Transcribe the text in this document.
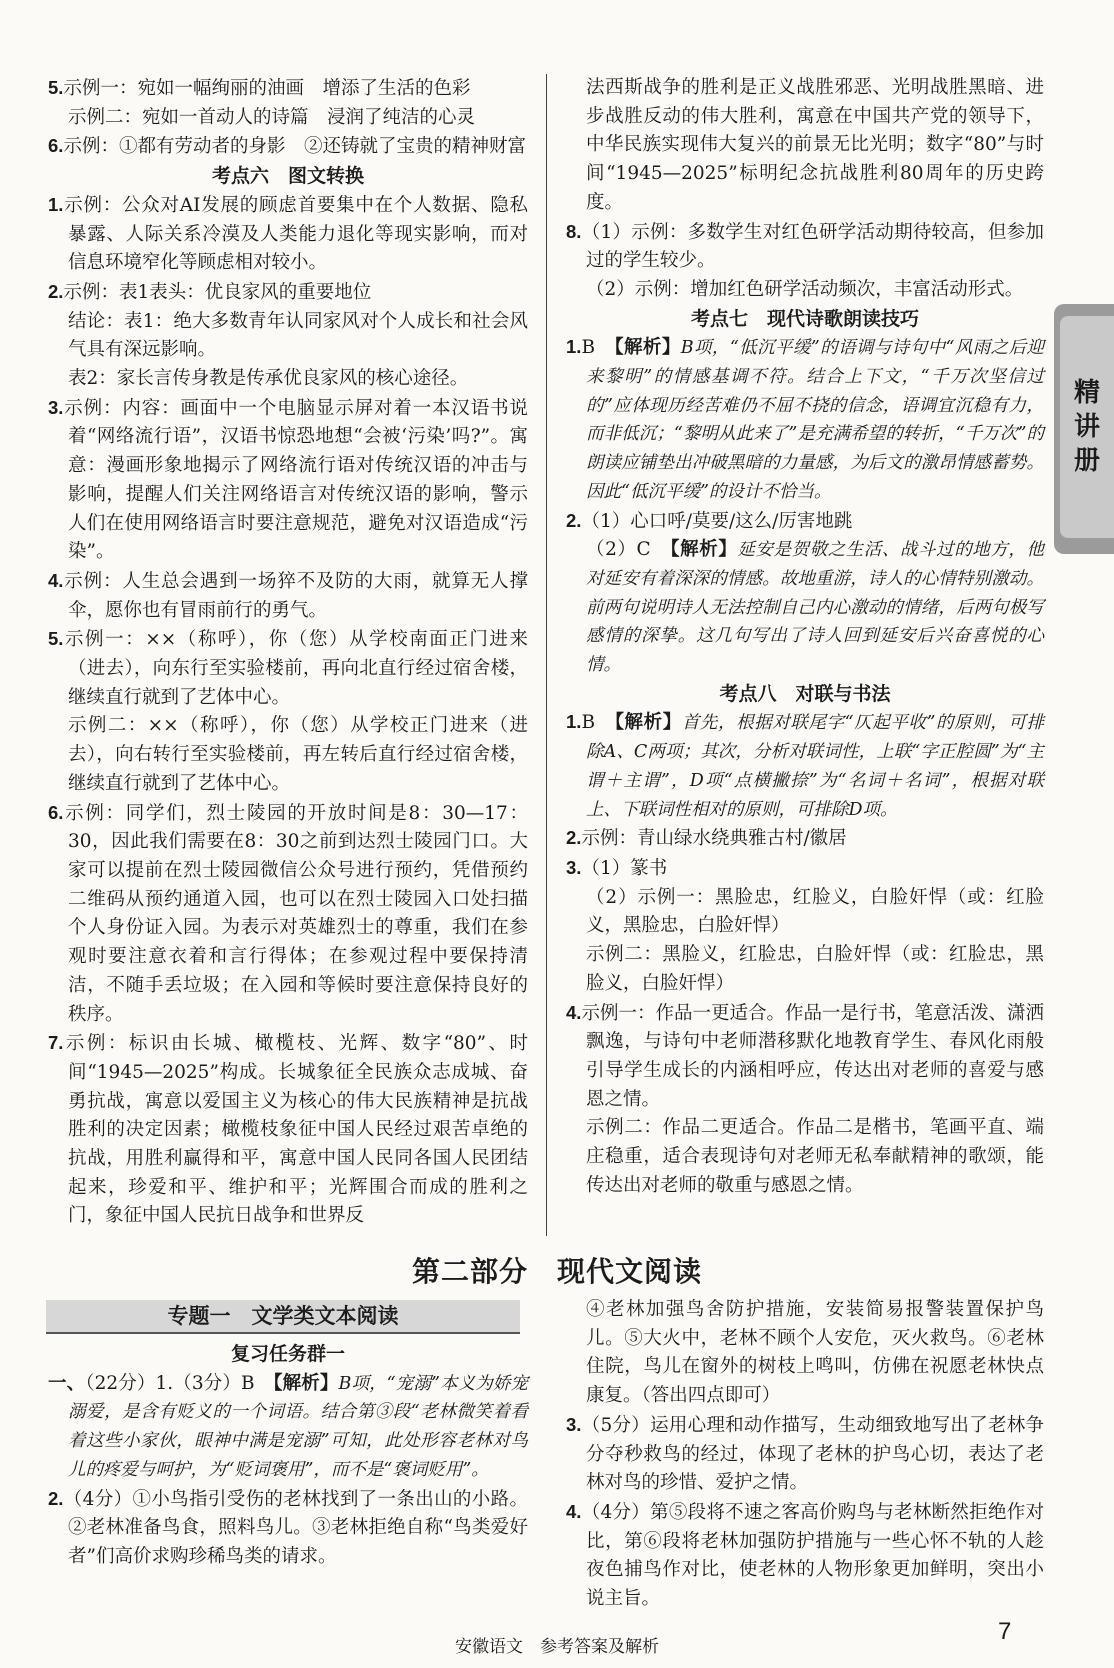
5.示例一：宛如一幅绚丽的油画　增添了生活的色彩
示例二：宛如一首动人的诗篇　浸润了纯洁的心灵
6.示例：①都有劳动者的身影　②还铸就了宝贵的精神财富
考点六　图文转换
1.示例：公众对AI发展的顾虑首要集中在个人数据、隐私暴露、人际关系冷漠及人类能力退化等现实影响，而对信息环境窄化等顾虑相对较小。
2.示例：表1表头：优良家风的重要地位
结论：表1：绝大多数青年认同家风对个人成长和社会风气具有深远影响。
表2：家长言传身教是传承优良家风的核心途径。
3.示例：内容：画面中一个电脑显示屏对着一本汉语书说着“网络流行语”，汉语书惊恐地想“会被‘污染’吗?”。寓意：漫画形象地揭示了网络流行语对传统汉语的冲击与影响，提醒人们关注网络语言对传统汉语的影响，警示人们在使用网络语言时要注意规范，避免对汉语造成“污染”。
4.示例：人生总会遇到一场猝不及防的大雨，就算无人撑伞，愿你也有冒雨前行的勇气。
5.示例一：××（称呼），你（您）从学校南面正门进来（进去），向东行至实验楼前，再向北直行经过宿舍楼，继续直行就到了艺体中心。
示例二：××（称呼），你（您）从学校正门进来（进去），向右转行至实验楼前，再左转后直行经过宿舍楼，继续直行就到了艺体中心。
6.示例：同学们，烈士陵园的开放时间是8：30—17：30，因此我们需要在8：30之前到达烈士陵园门口。大家可以提前在烈士陵园微信公众号进行预约，凭借预约二维码从预约通道入园，也可以在烈士陵园入口处扫描个人身份证入园。为表示对英雄烈士的尊重，我们在参观时要注意衣着和言行得体；在参观过程中要保持清洁，不随手丢垃圾；在入园和等候时要注意保持良好的秩序。
7.示例：标识由长城、橄榄枝、光辉、数字“80”、时间“1945—2025”构成。长城象征全民族众志成城、奋勇抗战，寓意以爱国主义为核心的伟大民族精神是抗战胜利的决定因素；橄榄枝象征中国人民经过艰苦卓绝的抗战，用胜利赢得和平，寓意中国人民同各国人民团结起来，珍爱和平、维护和平；光辉围合而成的胜利之门，象征中国人民抗日战争和世界反
法西斯战争的胜利是正义战胜邪恶、光明战胜黑暗、进步战胜反动的伟大胜利，寓意在中国共产党的领导下，中华民族实现伟大复兴的前景无比光明；数字“80”与时间“1945—2025”标明纪念抗战胜利80周年的历史跨度。
8.（1）示例：多数学生对红色研学活动期待较高，但参加过的学生较少。
（2）示例：增加红色研学活动频次，丰富活动形式。
考点七　现代诗歌朗读技巧
1.B　【解析】B项，“低沉平缓”的语调与诗句中“风雨之后迎来黎明”的情感基调不符。结合上下文，“千万次坚信过的”应体现历经苦难仍不屈不挠的信念，语调宜沉稳有力，而非低沉；“黎明从此来了”是充满希望的转折，“千万次”的朗读应铺垫出冲破黑暗的力量感，为后文的激昂情感蓄势。因此“低沉平缓”的设计不恰当。
2.（1）心口呼/莫要/这么/厉害地跳
（2）C　【解析】延安是贺敬之生活、战斗过的地方，他对延安有着深深的情感。故地重游，诗人的心情特别激动。前两句说明诗人无法控制自己内心激动的情绪，后两句极写感情的深挚。这几句写出了诗人回到延安后兴奋喜悦的心情。
考点八　对联与书法
1.B　【解析】首先，根据对联尾字“仄起平收”的原则，可排除A、C两项；其次，分析对联词性，上联“字正腔圆”为“主谓＋主谓”，D项“点横撇捺”为“名词＋名词”，根据对联上、下联词性相对的原则，可排除D项。
2.示例：青山绿水绕典雅古村/徽居
3.（1）篆书
（2）示例一：黑脸忠，红脸义，白脸奸悍（或：红脸义，黑脸忠，白脸奸悍）
示例二：黑脸义，红脸忠，白脸奸悍（或：红脸忠，黑脸义，白脸奸悍）
4.示例一：作品一更适合。作品一是行书，笔意活泼、潇洒飘逸，与诗句中老师潜移默化地教育学生、春风化雨般引导学生成长的内涵相呼应，传达出对老师的喜爱与感恩之情。
示例二：作品二更适合。作品二是楷书，笔画平直、端庄稳重，适合表现诗句对老师无私奉献精神的歌颂，能传达出对老师的敬重与感恩之情。
第二部分　现代文阅读
专题一　文学类文本阅读
复习任务群一
一、（22分）1.（3分）B　【解析】B项，“宠溺”本义为娇宠溺爱，是含有贬义的一个词语。结合第③段“老林微笑着看着这些小家伙，眼神中满是宠溺”可知，此处形容老林对鸟儿的疼爱与呵护，为“贬词褒用”，而不是“褒词贬用”。
2.（4分）①小鸟指引受伤的老林找到了一条出山的小路。②老林准备鸟食，照料鸟儿。③老林拒绝自称“鸟类爱好者”们高价求购珍稀鸟类的请求。
④老林加强鸟舍防护措施，安装简易报警装置保护鸟儿。⑤大火中，老林不顾个人安危，灭火救鸟。⑥老林住院，鸟儿在窗外的树枝上鸣叫，仿佛在祝愿老林快点康复。（答出四点即可）
3.（5分）运用心理和动作描写，生动细致地写出了老林争分夺秒救鸟的经过，体现了老林的护鸟心切，表达了老林对鸟的珍惜、爱护之情。
4.（4分）第⑤段将不速之客高价购鸟与老林断然拒绝作对比，第⑥段将老林加强防护措施与一些心怀不轨的人趁夜色捕鸟作对比，使老林的人物形象更加鲜明，突出小说主旨。
精
讲
册
安徽语文　参考答案及解析
7
